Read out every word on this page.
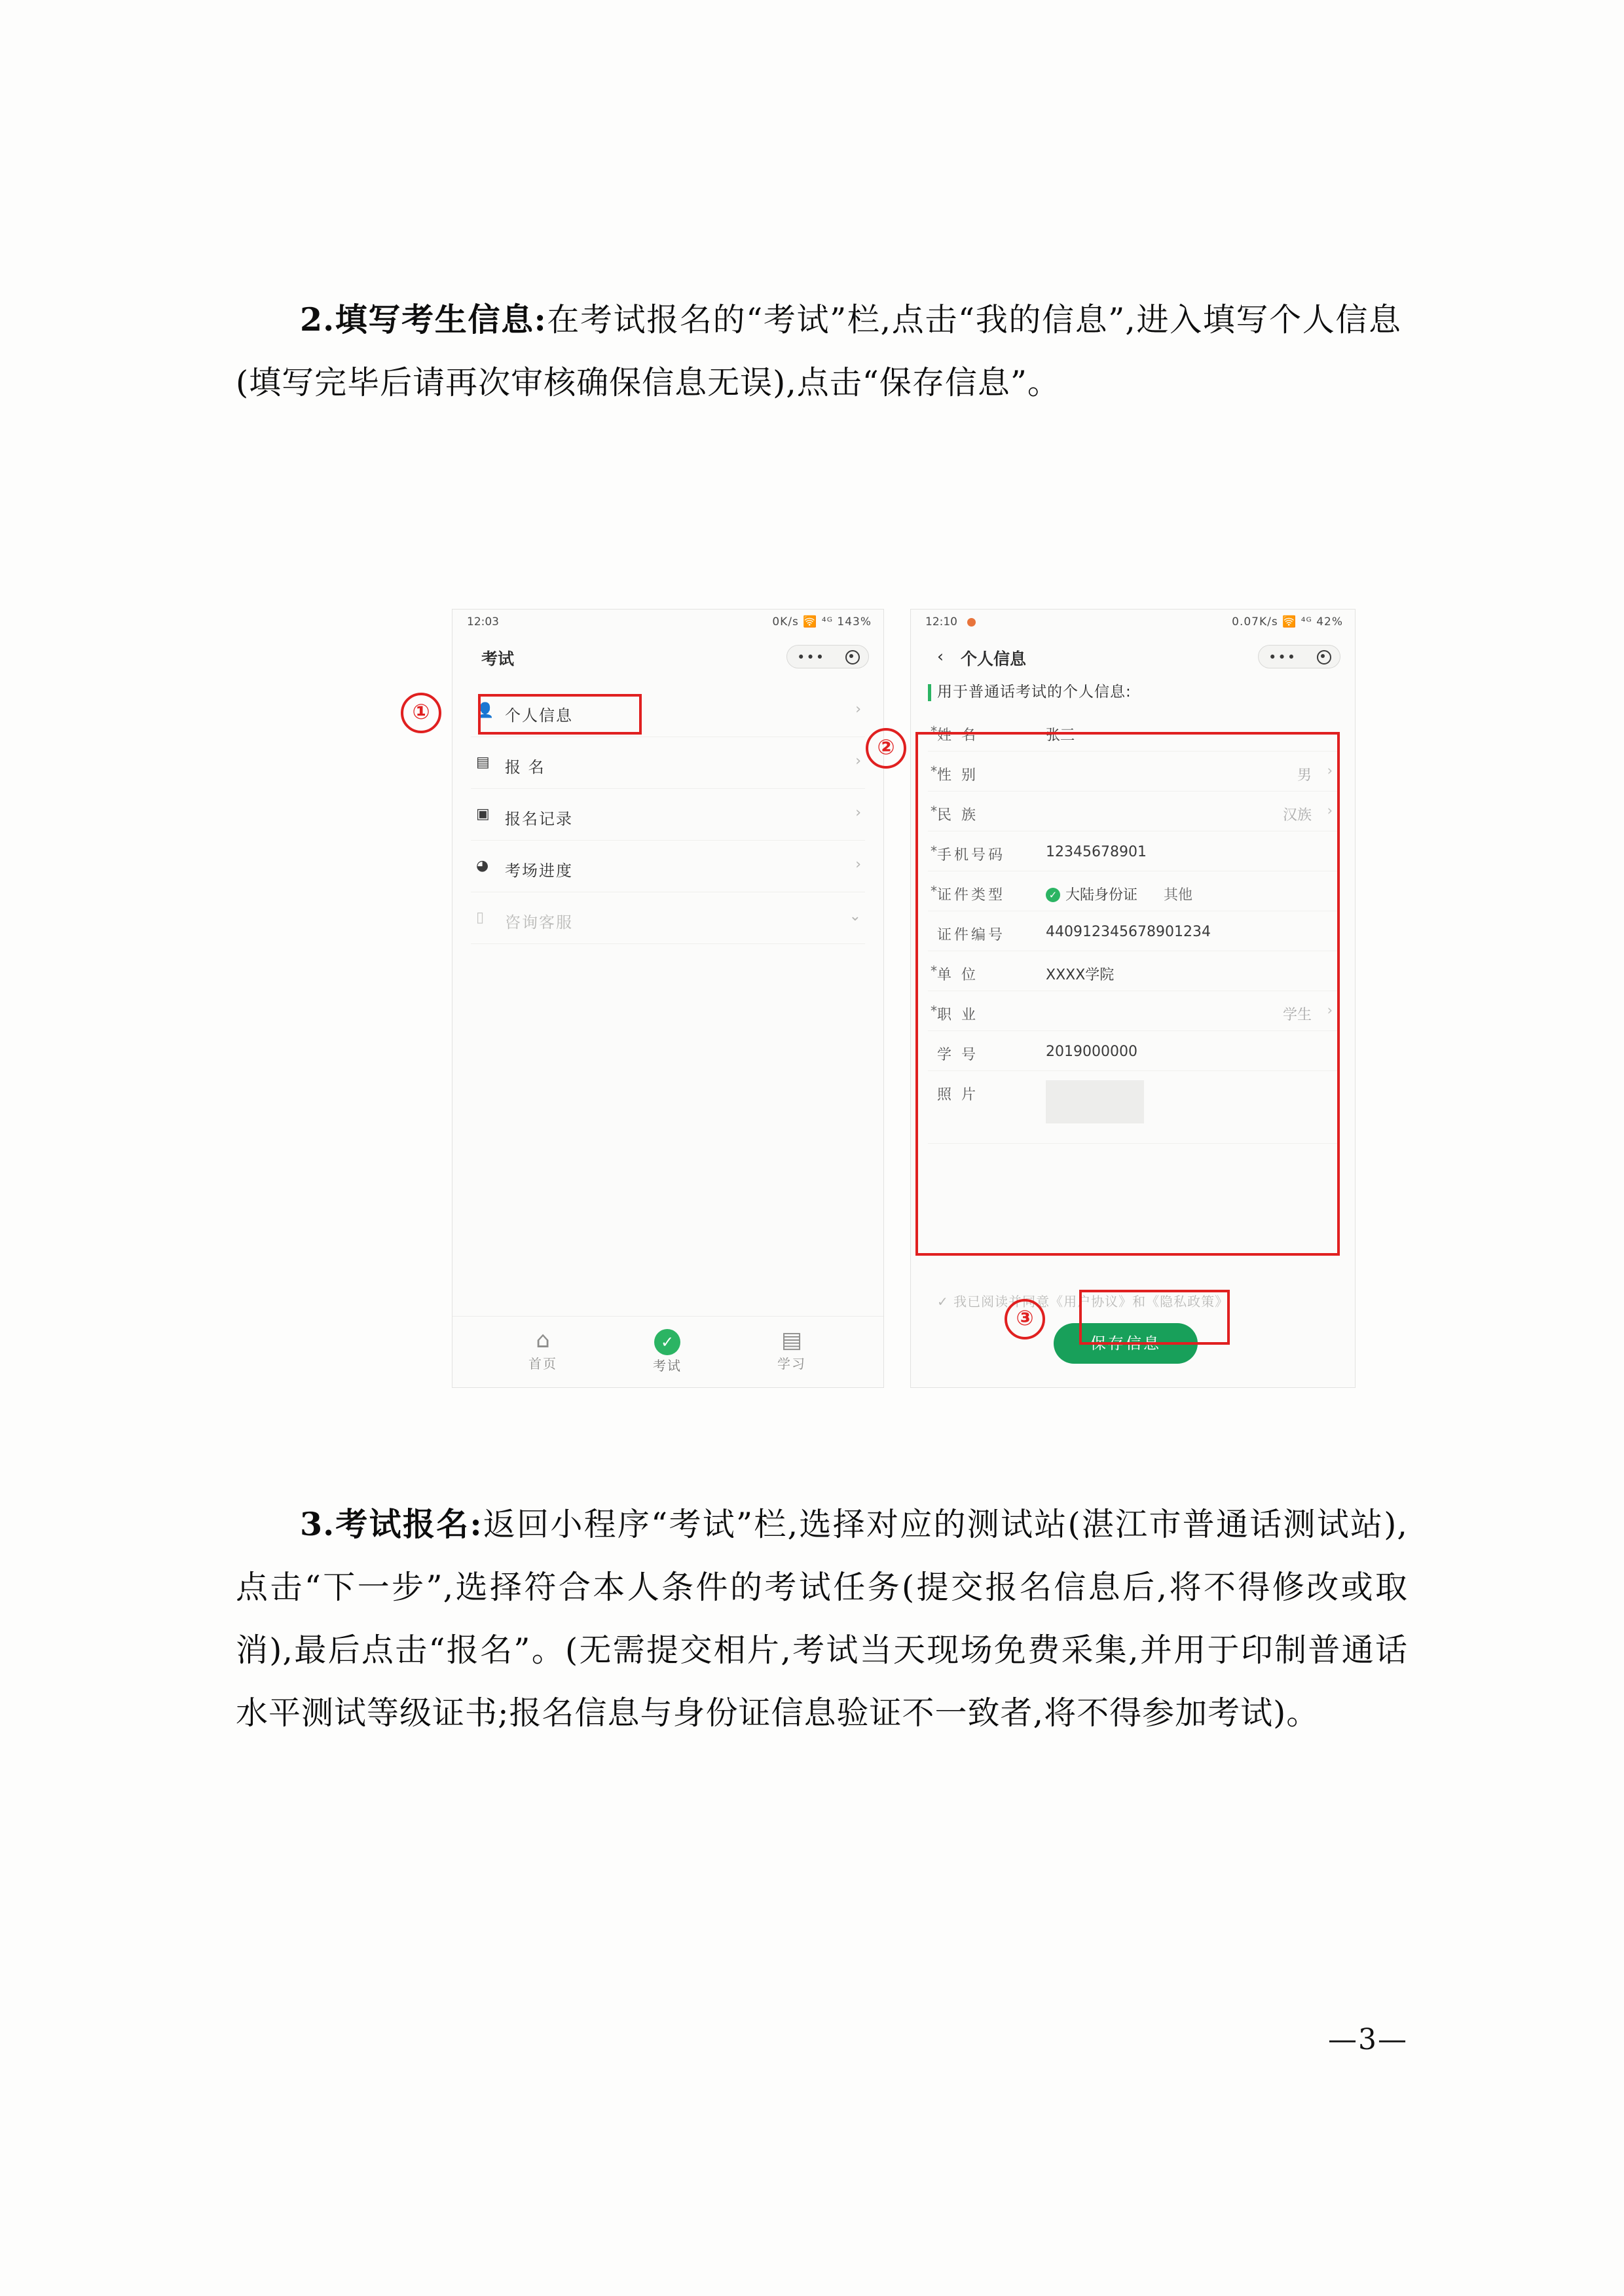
2.填写考生信息:在考试报名的“考试”栏,点击“我的信息”,进入填写个人信息(填写完毕后请再次审核确保信息无误),点击“保存信息”。
12:03	0K/s 🛜 ⁴ᴳ 143%
考试	•••
👤 个人信息	›
▤ 报 名	›
▣ 报名记录	›
◕ 考场进度	›
▯	咨询客服	⌄
⌂
首页
✓
考试
▤
学习
12:10	0.07K/s 🛜 ⁴ᴳ 42%
‹ 个人信息	•••
用于普通话考试的个人信息:
* 姓 名	张三
* 性 别	男 ›
* 民 族	汉族 ›
* 手机号码	12345678901
* 证件类型	✓ 大陆身份证 其他
证件编号	440912345678901234
* 单 位	XXXX学院
* 职 业	学生 ›
学 号	2019000000
照 片
✓ 我已阅读并同意《用户协议》和《隐私政策》
保存信息
①
②
③
3.考试报名:返回小程序“考试”栏,选择对应的测试站(湛江市普通话测试站),点击“下一步”,选择符合本人条件的考试任务(提交报名信息后,将不得修改或取消),最后点击“报名”。(无需提交相片,考试当天现场免费采集,并用于印制普通话水平测试等级证书;报名信息与身份证信息验证不一致者,将不得参加考试)。
—3—
